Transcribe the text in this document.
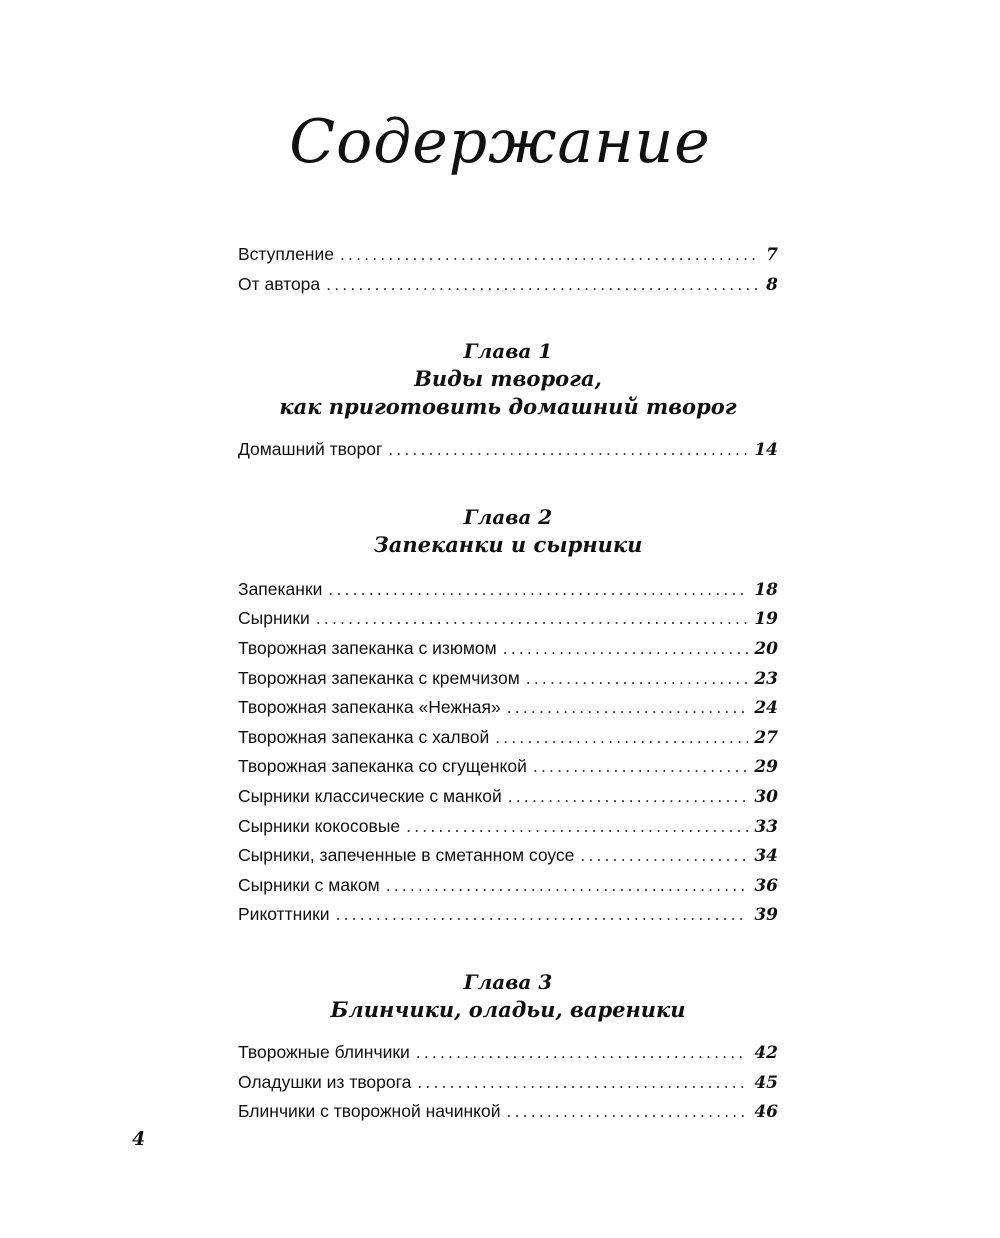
Содержание
Вступление .....	7
От автора .....	8
Глава 1
Виды творога,
как приготовить домашний творог
Домашний творог .....	14
Глава 2
Запеканки и сырники
Запеканки .....	18
Сырники .....	19
Творожная запеканка с изюмом .....	20
Творожная запеканка с кремчизом .....	23
Творожная запеканка «Нежная» .....	24
Творожная запеканка с халвой .....	27
Творожная запеканка со сгущенкой .....	29
Сырники классические с манкой .....	30
Сырники кокосовые .....	33
Сырники, запеченные в сметанном соусе .....	34
Сырники с маком .....	36
Рикоттники .....	39
Глава 3
Блинчики, оладьи, вареники
Творожные блинчики .....	42
Оладушки из творога .....	45
Блинчики с творожной начинкой .....	46
4
